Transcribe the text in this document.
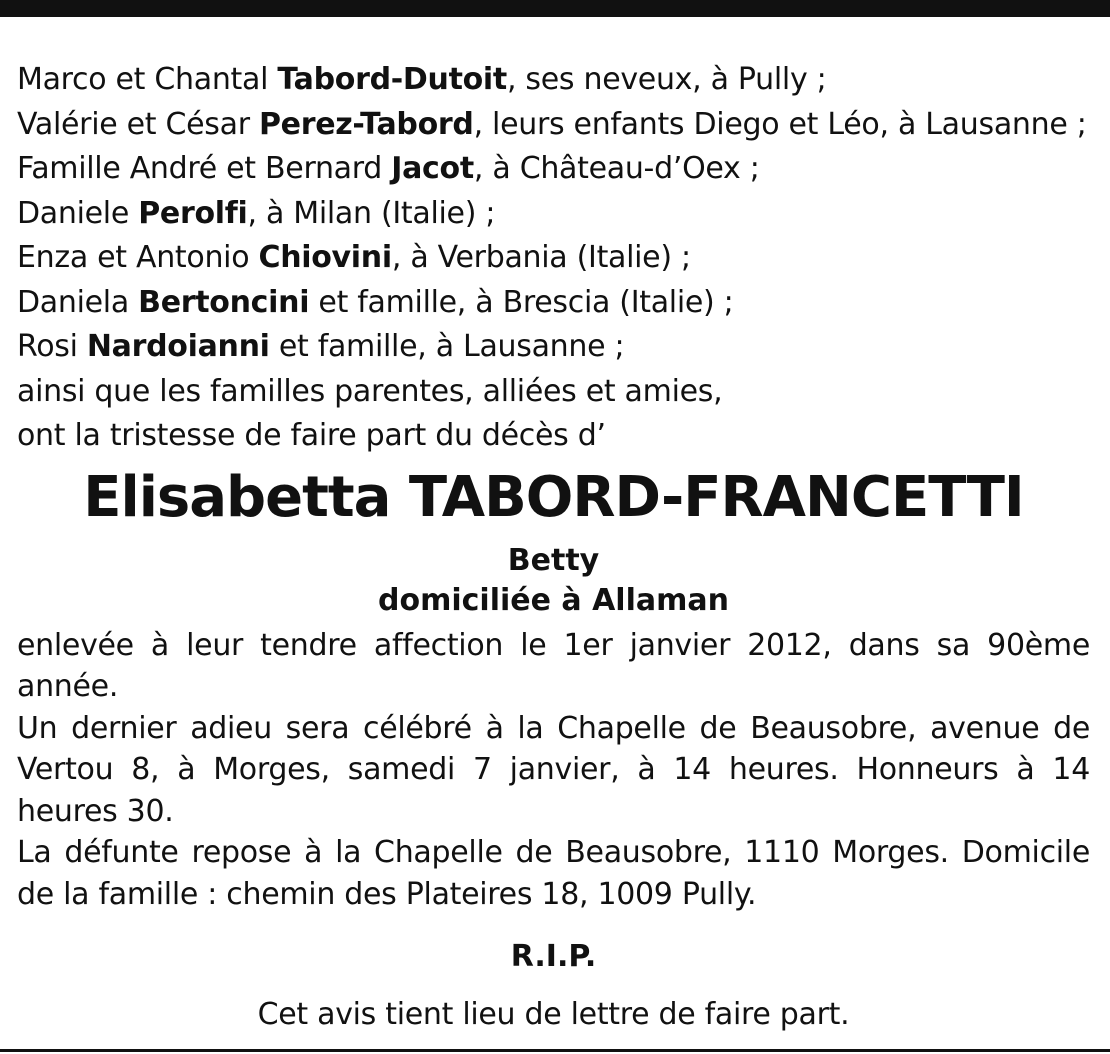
Marco et Chantal Tabord-Dutoit, ses neveux, à Pully ;
Valérie et César Perez-Tabord, leurs enfants Diego et Léo, à Lausanne ;
Famille André et Bernard Jacot, à Château-d’Oex ;
Daniele Perolfi, à Milan (Italie) ;
Enza et Antonio Chiovini, à Verbania (Italie) ;
Daniela Bertoncini et famille, à Brescia (Italie) ;
Rosi Nardoianni et famille, à Lausanne ;
ainsi que les familles parentes, alliées et amies,
ont la tristesse de faire part du décès d’
Elisabetta TABORD-FRANCETTI
Betty
domiciliée à Allaman

enlevée à leur tendre affection le 1er janvier 2012, dans sa 90ème année.

Un dernier adieu sera célébré à la Chapelle de Beausobre, avenue de Vertou 8, à Morges, samedi 7 janvier, à 14 heures. Honneurs à 14 heures 30.

La défunte repose à la Chapelle de Beausobre, 1110 Morges. Domicile de la famille : chemin des Plateires 18, 1009 Pully.

R.I.P.
Cet avis tient lieu de lettre de faire part.
